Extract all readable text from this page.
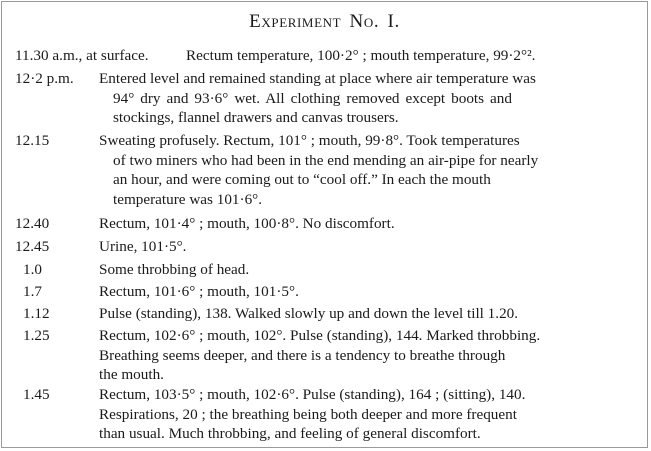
Experiment No. I.
11.30 a.m., at surface. Rectum temperature, 100·2° ; mouth temperature, 99·2°².
12·2 p.m. Entered level and remained standing at place where air temperature was
94° dry and 93·6° wet. All clothing removed except boots and
stockings, flannel drawers and canvas trousers.
12.15	Sweating profusely. Rectum, 101° ; mouth, 99·8°. Took temperatures
of two miners who had been in the end mending an air-pipe for nearly
an hour, and were coming out to “cool off.” In each the mouth
temperature was 101·6°.
12.40	Rectum, 101·4° ; mouth, 100·8°. No discomfort.
12.45	Urine, 101·5°.
1.0	Some throbbing of head.
1.7	Rectum, 101·6° ; mouth, 101·5°.
1.12	Pulse (standing), 138. Walked slowly up and down the level till 1.20.
1.25	Rectum, 102·6° ; mouth, 102°. Pulse (standing), 144. Marked throbbing.
Breathing seems deeper, and there is a tendency to breathe through
the mouth.
1.45	Rectum, 103·5° ; mouth, 102·6°. Pulse (standing), 164 ; (sitting), 140.
Respirations, 20 ; the breathing being both deeper and more frequent
than usual. Much throbbing, and feeling of general discomfort.
